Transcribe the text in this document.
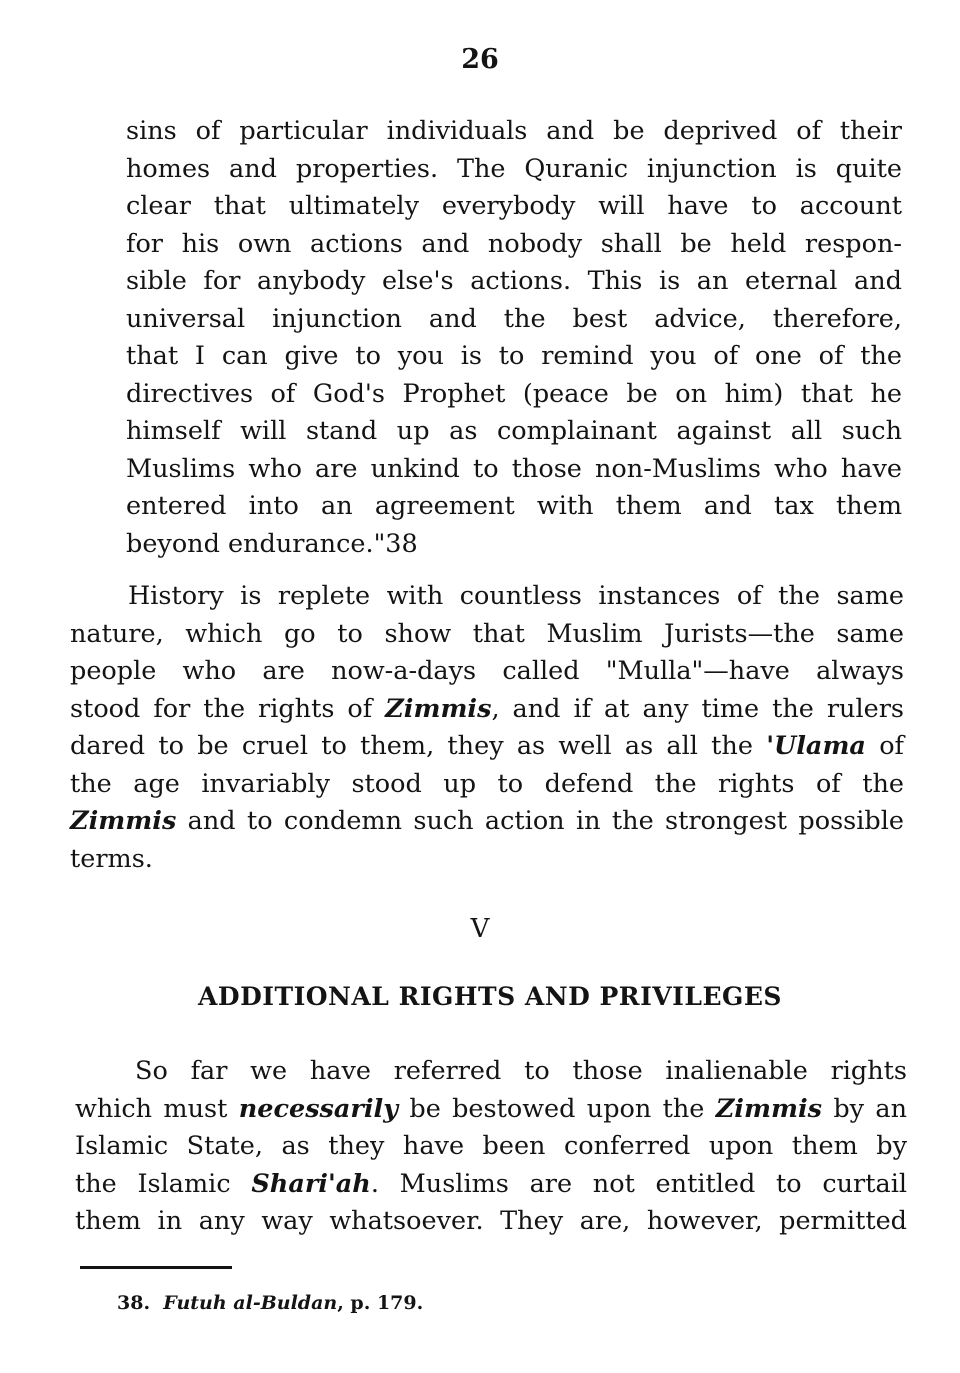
26
sins of particular individuals and be deprived of their
homes and properties. The Quranic injunction is quite
clear that ultimately everybody will have to account
for his own actions and nobody shall be held respon-
sible for anybody else's actions. This is an eternal and
universal injunction and the best advice, therefore,
that I can give to you is to remind you of one of the
directives of God's Prophet (peace be on him) that he
himself will stand up as complainant against all such
Muslims who are unkind to those non-Muslims who have
entered into an agreement with them and tax them
beyond endurance."38
History is replete with countless instances of the same
nature, which go to show that Muslim Jurists—the same
people who are now-a-days called "Mulla"—have always
stood for the rights of Zimmis, and if at any time the rulers
dared to be cruel to them, they as well as all the 'Ulama of
the age invariably stood up to defend the rights of the
Zimmis and to condemn such action in the strongest possible
terms.
V
ADDITIONAL RIGHTS AND PRIVILEGES
So far we have referred to those inalienable rights
which must necessarily be bestowed upon the Zimmis by an
Islamic State, as they have been conferred upon them by
the Islamic Shari'ah. Muslims are not entitled to curtail
them in any way whatsoever. They are, however, permitted
38. Futuh al-Buldan, p. 179.
